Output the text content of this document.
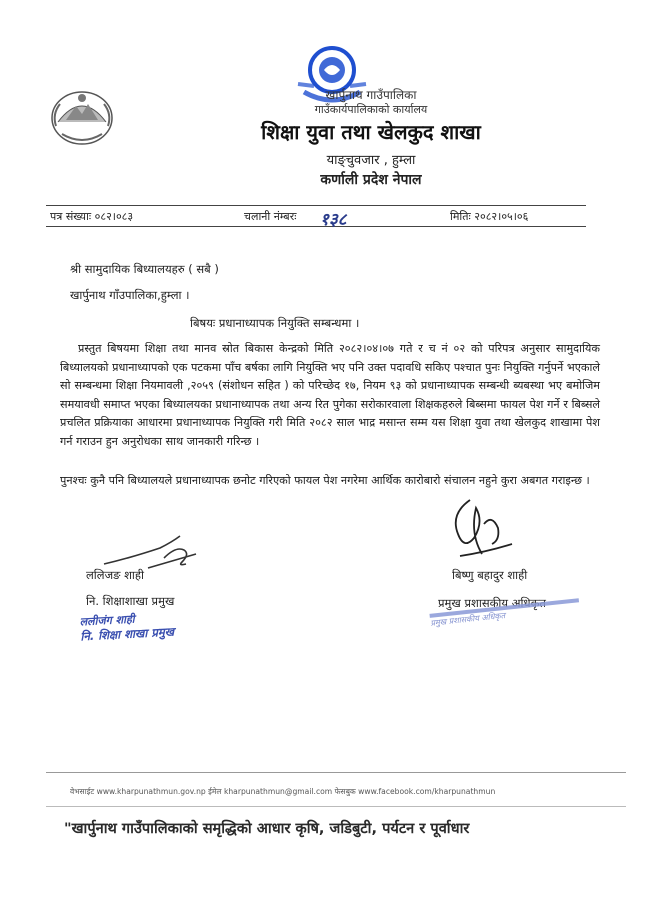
खार्पुनाथ गाउँपालिका
गाउँकार्यपालिकाको कार्यालय
शिक्षा युवा तथा खेलकुद शाखा
याङ्चुवजार , हुम्ला
कर्णाली प्रदेश नेपाल
पत्र संख्याः ०८२।०८३	चलानी नंम्बरः	मितिः २०८२।०५।०६
१३८
श्री सामुदायिक बिध्यालयहरु ( सबै )
खार्पुनाथ गाँउपालिका,हुम्ला ।
बिषयः प्रधानाध्यापक नियुक्ति सम्बन्धमा ।
प्रस्तुत बिषयमा शिक्षा तथा मानव स्रोत बिकास केन्द्रको मिति २०८२।०४।०७ गते र च नं ०२ को परिपत्र अनुसार सामुदायिक बिध्यालयको प्रधानाध्यापको एक पटकमा पाँच बर्षका लागि नियुक्ति भए पनि उक्त पदावधि सकिए पश्चात पुनः नियुक्ति गर्नुपर्ने भएकाले सो सम्बन्धमा शिक्षा नियमावली ,२०५९ (संशोधन सहित ) को परिच्छेद १७, नियम ९३ को प्रधानाध्यापक सम्बन्धी ब्यबस्था भए बमोजिम समयावधी समाप्त भएका बिध्यालयका प्रधानाध्यापक तथा अन्य रित पुगेका सरोकारवाला शिक्षकहरुले बिब्समा फायल पेश गर्ने र बिब्सले प्रचलित प्रक्रियाका आधारमा प्रधानाध्यापक नियुक्ति गरी मिति २०८२ साल भाद्र मसान्त सम्म यस शिक्षा युवा तथा खेलकुद शाखामा पेश गर्न गराउन हुन अनुरोधका साथ जानकारी गरिन्छ ।
पुनश्चः कुनै पनि बिध्यालयले प्रधानाध्यापक छनोट गरिएको फायल पेश नगरेमा आर्थिक कारोबारो संचालन नहुने कुरा अबगत गराइन्छ ।
ललिजङ शाही
नि. शिक्षाशाखा प्रमुख
ललीजंग शाही
नि. शिक्षा शाखा प्रमुख
बिष्णु बहादुर शाही
प्रमुख प्रशासकीय अधिकृत
प्रमुख प्रशासकीय अधिकृत
वेभसाईट www.kharpunathmun.gov.np ईमेल kharpunathmun@gmail.com फेसबुक www.facebook.com/kharpunathmun
"खार्पुनाथ गाउँपालिकाको समृद्धिको आधार कृषि, जडिबुटी, पर्यटन र पूर्वाधार
